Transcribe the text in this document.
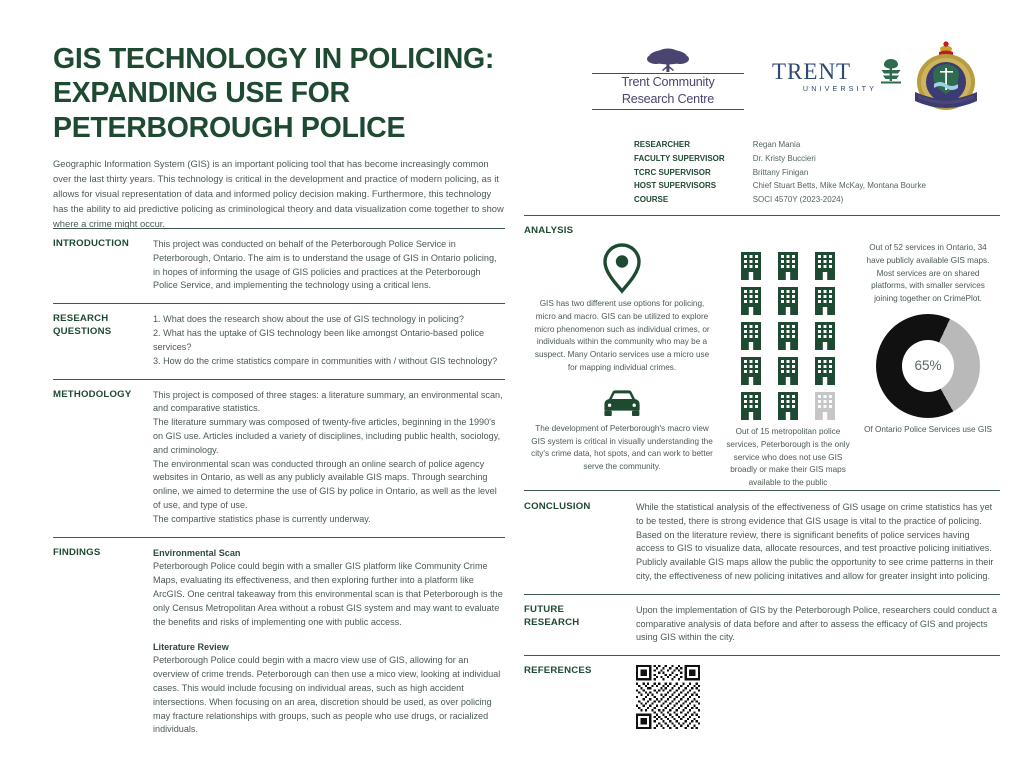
GIS TECHNOLOGY IN POLICING: EXPANDING USE FOR PETERBOROUGH POLICE

Geographic Information System (GIS) is an important policing tool that has become increasingly common over the last thirty years. This technology is critical in the development and practice of modern policing, as it allows for visual representation of data and informed policy decision making. Furthermore, this technology has the ability to aid predictive policing as criminological theory and data visualization come together to show where a crime might occur.

Trent Community
Research Centre
TRENT
UNIVERSITY
RESEARCHER	Regan Mania
FACULTY SUPERVISOR	Dr. Kristy Buccieri
TCRC SUPERVISOR	Brittany Finigan
HOST SUPERVISORS	Chief Stuart Betts, Mike McKay, Montana Bourke
COURSE	SOCI 4570Y (2023-2024)
INTRODUCTION	This project was conducted on behalf of the Peterborough Police Service in Peterborough, Ontario. The aim is to understand the usage of GIS in Ontario policing, in hopes of informing the usage of GIS policies and practices at the Peterborough Police Service, and implementing the technology using a critical lens.

RESEARCH QUESTIONS

1. What does the research show about the use of GIS technology in policing?

2. What has the uptake of GIS technology been like amongst Ontario-based police services?

3. How do the crime statistics compare in communities with / without GIS technology?

METHODOLOGY	This project is composed of three stages: a literature summary, an environmental scan, and comparative statistics.

The literature summary was composed of twenty-five articles, beginning in the 1990's on GIS use. Articles included a variety of disciplines, including public health, sociology, and criminology.

The environmental scan was conducted through an online search of police agency websites in Ontario, as well as any publicly available GIS maps. Through searching online, we aimed to determine the use of GIS by police in Ontario, as well as the level of use, and type of use.

The compartive statistics phase is currently underway.

FINDINGS	Environmental Scan

Peterborough Police could begin with a smaller GIS platform like Community Crime Maps, evaluating its effectiveness, and then exploring further into a platform like ArcGIS. One central takeaway from this environmental scan is that Peterborough is the only Census Metropolitan Area without a robust GIS system and may want to evaluate the benefits and risks of implementing one with public access.

Literature Review

Peterborough Police could begin with a macro view use of GIS, allowing for an overview of crime trends. Peterborough can then use a mico view, looking at individual cases. This would include focusing on individual areas, such as high accident intersections. When focusing on an area, discretion should be used, as over policing may fracture relationships with groups, such as people who use drugs, or racialized individuals.

ANALYSIS
GIS has two different use options for policing, micro and macro. GIS can be utilized to explore micro phenomenon such as individual crimes, or individuals within the community who may be a suspect. Many Ontario services use a micro use for mapping individual crimes.
The development of Peterborough's macro view GIS system is critical in visually understanding the city's crime data, hot spots, and can work to better serve the community.
Out of 15 metropolitan police services, Peterborough is the only service who does not use GIS broadly or make their GIS maps available to the public
Out of 52 services in Ontario, 34 have publicly available GIS maps. Most services are on shared platforms, with smaller services joining together on CrimePlot.
65%
Of Ontario Police Services use GIS
CONCLUSION	While the statistical analysis of the effectiveness of GIS usage on crime statistics has yet to be tested, there is strong evidence that GIS usage is vital to the practice of policing. Based on the literature review, there is significant benefits of police services having access to GIS to visualize data, allocate resources, and test proactive policing initiatives. Publicly available GIS maps allow the public the opportunity to see crime patterns in their city, the effectiveness of new policing initatives and allow for greater insight into policing.

FUTURE RESEARCH

Upon the implementation of GIS by the Peterborough Police, researchers could conduct a comparative analysis of data before and after to assess the efficacy of GIS and projects using GIS within the city.

REFERENCES
